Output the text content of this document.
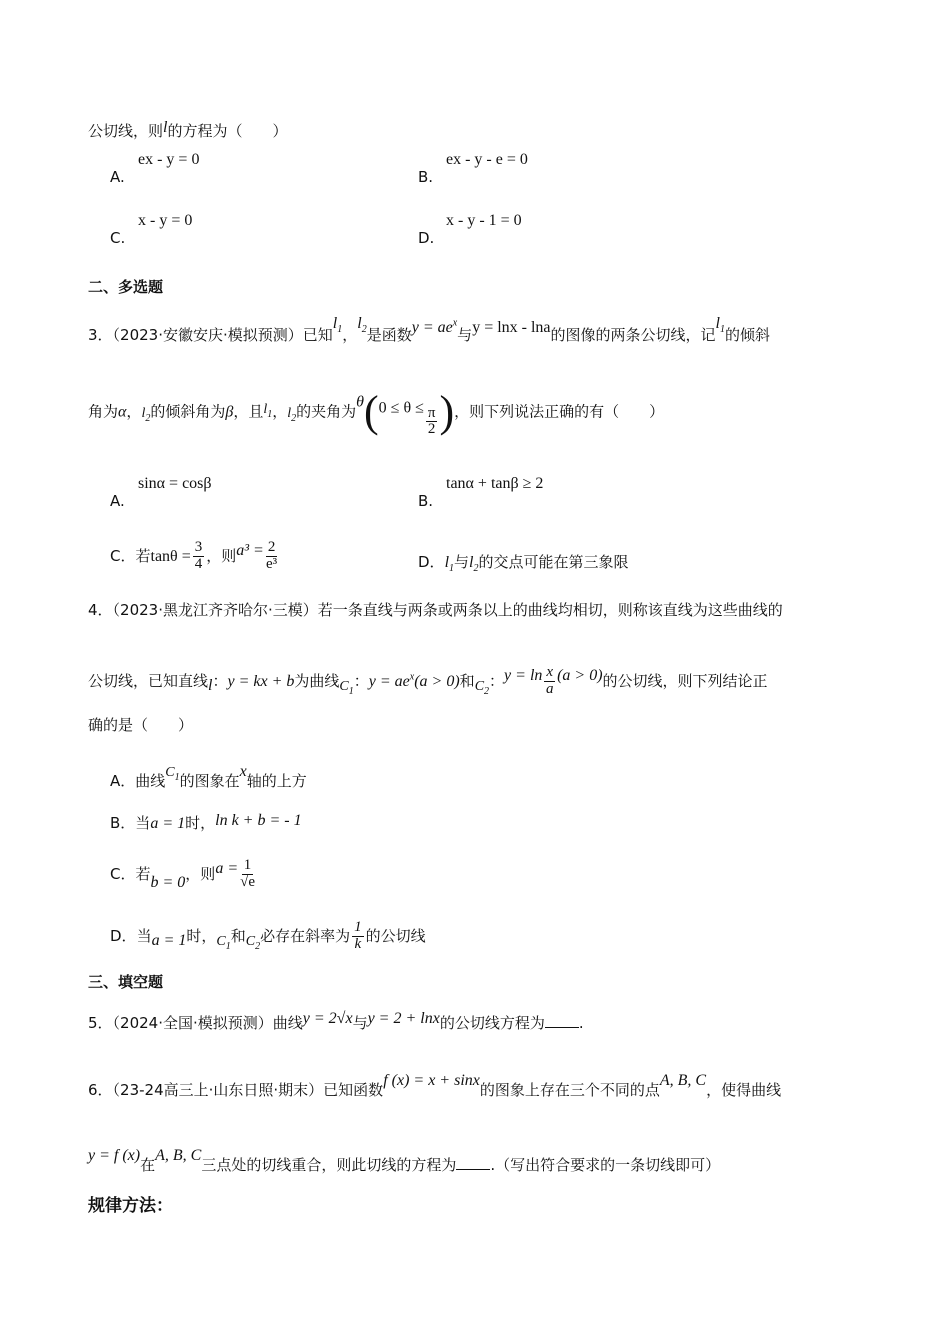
公切线，则l的方程为（　　）
A.
ex - y = 0
B.
ex - y - e = 0
C.
x - y = 0
D.
x - y - 1 = 0
二、多选题
3．（2023·安徽安庆·模拟预测）已知$l_1$，$l_2$是函数$y = ae^x$与y = lnx - lna的图像的两条公切线，记$l_1$的倾斜
角为α，$l_2$的倾斜角为β，且$l_1$，$l_2$的夹角为$\theta(0 \le \theta \le \frac{\pi}{2}$ )，则下列说法正确的有（　　）
A.
sinα = cosβ
B.
tanα + tanβ ≥ 2
C．若$\tan\theta = \frac{3}{4}$ ，则$a^3 = \frac{2}{\text{e³}}$	D．$l_1$与$l_2$的交点可能在第三象限
4．（2023·黑龙江齐齐哈尔·三模）若一条直线与两条或两条以上的曲线均相切，则称该直线为这些曲线的
公切线，已知直线l：y = kx + b为曲线$C_1$：$y = ae^x(a > 0)$和$C_2$：$y = \ln \frac{x}{a} (a > 0)$的公切线，则下列结论正
确的是（　　）
A．曲线$C_1$的图象在x轴的上方
B．当a = 1时，ln k + b = - 1
C．若b = 0，则$a = \frac{1}{√e}$
D．当a = 1时，$C_1$和$C_2$必存在斜率为 $\frac{1}{k}$ 的公切线
三、填空题
5．（2024·全国·模拟预测）曲线y = 2√x与y = 2 + lnx的公切线方程为 .
6．（23-24高三上·山东日照·期末）已知函数f (x) = x + sinx的图象上存在三个不同的点A, B, C，使得曲线
y = f (x)在A, B, C三点处的切线重合，则此切线的方程为 .（写出符合要求的一条切线即可）
规律方法：
